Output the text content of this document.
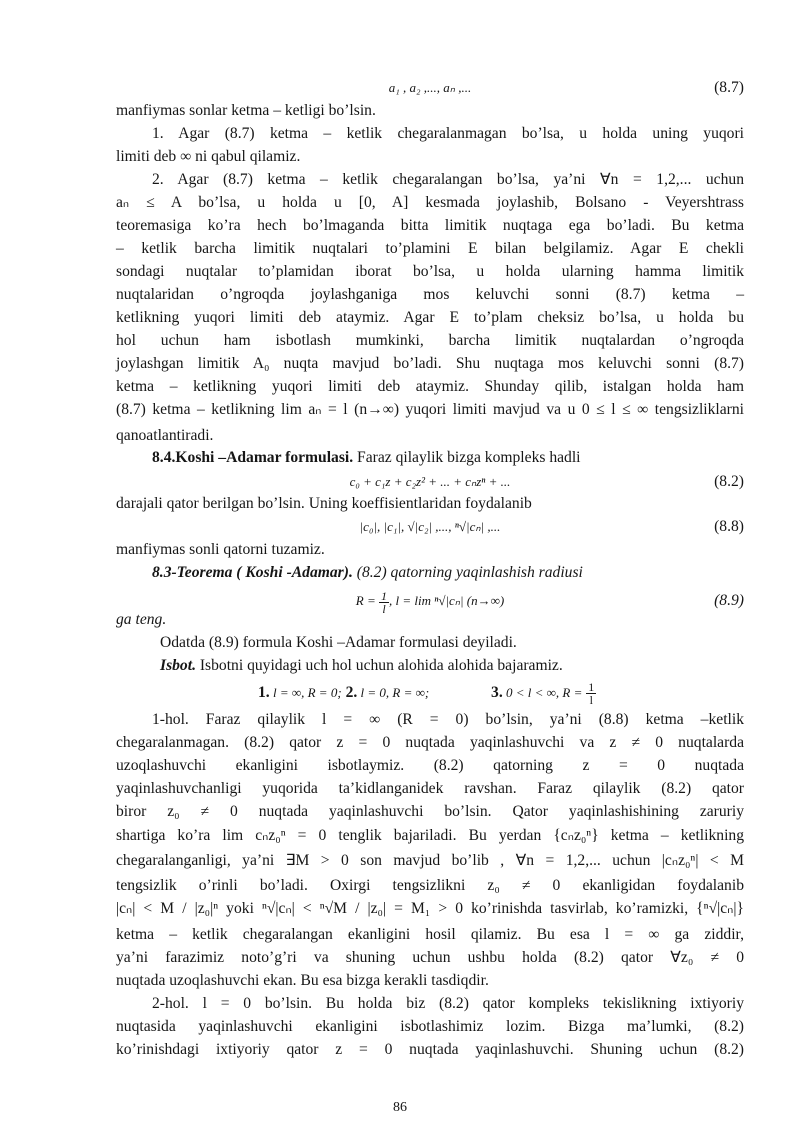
a₁ , a₂ ,..., aₙ ,...	(8.7)
manfiymas sonlar ketma – ketligi bo’lsin.
1. Agar (8.7) ketma – ketlik chegaralanmagan bo’lsa, u holda uning yuqori
limiti deb ∞ ni qabul qilamiz.
2. Agar (8.7) ketma – ketlik chegaralangan bo’lsa, ya’ni ∀n = 1,2,... uchun
aₙ ≤ A bo’lsa, u holda u [0, A] kesmada joylashib, Bolsano - Veyershtrass
teoremasiga ko’ra hech bo’lmaganda bitta limitik nuqtaga ega bo’ladi. Bu ketma
– ketlik barcha limitik nuqtalari to’plamini E bilan belgilamiz. Agar E chekli
sondagi nuqtalar to’plamidan iborat bo’lsa, u holda ularning hamma limitik
nuqtalaridan o’ngroqda joylashganiga mos keluvchi sonni (8.7) ketma –
ketlikning yuqori limiti deb ataymiz. Agar E to’plam cheksiz bo’lsa, u holda bu
hol uchun ham isbotlash mumkinki, barcha limitik nuqtalardan o’ngroqda
joylashgan limitik A₀ nuqta mavjud bo’ladi. Shu nuqtaga mos keluvchi sonni (8.7)
ketma – ketlikning yuqori limiti deb ataymiz. Shunday qilib, istalgan holda ham
(8.7) ketma – ketlikning lim aₙ = l (n→∞) yuqori limiti mavjud va u 0 ≤ l ≤ ∞ tengsizliklarni
qanoatlantiradi.
8.4.Koshi –Adamar formulasi. Faraz qilaylik bizga kompleks hadli
c₀ + c₁z + c₂z² + ... + cₙzⁿ + ...	(8.2)
darajali qator berilgan bo’lsin. Uning koeffisientlaridan foydalanib
|c₀|, |c₁|, √|c₂| ,..., ⁿ√|cₙ| ,...	(8.8)
manfiymas sonli qatorni tuzamiz.
8.3-Teorema ( Koshi -Adamar). (8.2) qatorning yaqinlashish radiusi
$R = \frac{1}{l}$ , l = lim ⁿ√|cₙ| (n→∞)	(8.9)
ga teng.
Odatda (8.9) formula Koshi –Adamar formulasi deyiladi.
Isbot. Isbotni quyidagi uch hol uchun alohida alohida bajaramiz.
1. l = ∞, R = 0; 2. l = 0, R = ∞;	3. 0 < l < ∞, $R = \frac{1}{l}$
1-hol. Faraz qilaylik l = ∞ (R = 0) bo’lsin, ya’ni (8.8) ketma –ketlik
chegaralanmagan. (8.2) qator z = 0 nuqtada yaqinlashuvchi va z ≠ 0 nuqtalarda
uzoqlashuvchi ekanligini isbotlaymiz. (8.2) qatorning z = 0 nuqtada
yaqinlashuvchanligi yuqorida ta’kidlanganidek ravshan. Faraz qilaylik (8.2) qator
biror z₀ ≠ 0 nuqtada yaqinlashuvchi bo’lsin. Qator yaqinlashishining zaruriy
shartiga ko’ra lim cₙz₀ⁿ = 0 tenglik bajariladi. Bu yerdan {cₙz₀ⁿ} ketma – ketlikning
chegaralanganligi, ya’ni ∃M > 0 son mavjud bo’lib , ∀n = 1,2,... uchun |cₙz₀ⁿ| < M
tengsizlik o’rinli bo’ladi. Oxirgi tengsizlikni z₀ ≠ 0 ekanligidan foydalanib
|cₙ| < M / |z₀|ⁿ yoki ⁿ√|cₙ| < ⁿ√M / |z₀| = M₁ > 0 ko’rinishda tasvirlab, ko’ramizki, {ⁿ√|cₙ|}
ketma – ketlik chegaralangan ekanligini hosil qilamiz. Bu esa l = ∞ ga ziddir,
ya’ni farazimiz noto’g’ri va shuning uchun ushbu holda (8.2) qator ∀z₀ ≠ 0
nuqtada uzoqlashuvchi ekan. Bu esa bizga kerakli tasdiqdir.
2-hol. l = 0 bo’lsin. Bu holda biz (8.2) qator kompleks tekislikning ixtiyoriy
nuqtasida yaqinlashuvchi ekanligini isbotlashimiz lozim. Bizga ma’lumki, (8.2)
ko’rinishdagi ixtiyoriy qator z = 0 nuqtada yaqinlashuvchi. Shuning uchun (8.2)
86
